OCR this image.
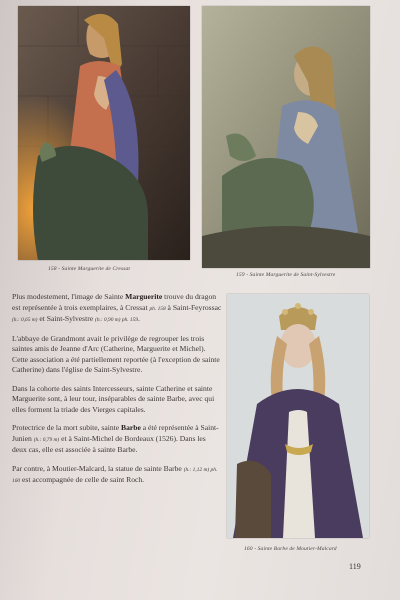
158 - Sainte Marguerite de Cressat
159 - Sainte Marguerite de Saint-Sylvestre
160 - Sainte Barbe de Moutier-Malcard

Plus modestement, l'image de Sainte Marguerite trouve du dragon est représentée à trois exemplaires, à Cressat ph. 158 à Saint-Feyrossac (h.: 0,65 m) et Saint-Sylvestre (h.: 0,90 m) ph. 159.

L'abbaye de Grandmont avait le privilège de regrouper les trois saintes amis de Jeanne d'Arc (Catherine, Marguerite et Michel). Cette association a été partiellement reportée (à l'exception de sainte Catherine) dans l'église de Saint-Sylvestre.

Dans la cohorte des saints Intercesseurs, sainte Catherine et sainte Marguerite sont, à leur tour, inséparables de sainte Barbe, avec qui elles forment la triade des Vierges capitales.

Protectrice de la mort subite, sainte Barbe a été représentée à Saint-Junien (h.: 0,79 m) et à Saint-Michel de Bordeaux (1526). Dans les deux cas, elle est associée à sainte Barbe.

Par contre, à Moutier-Malcard, la statue de sainte Barbe (h.: 1,12 m) ph. 160 est accompagnée de celle de saint Roch.

119
